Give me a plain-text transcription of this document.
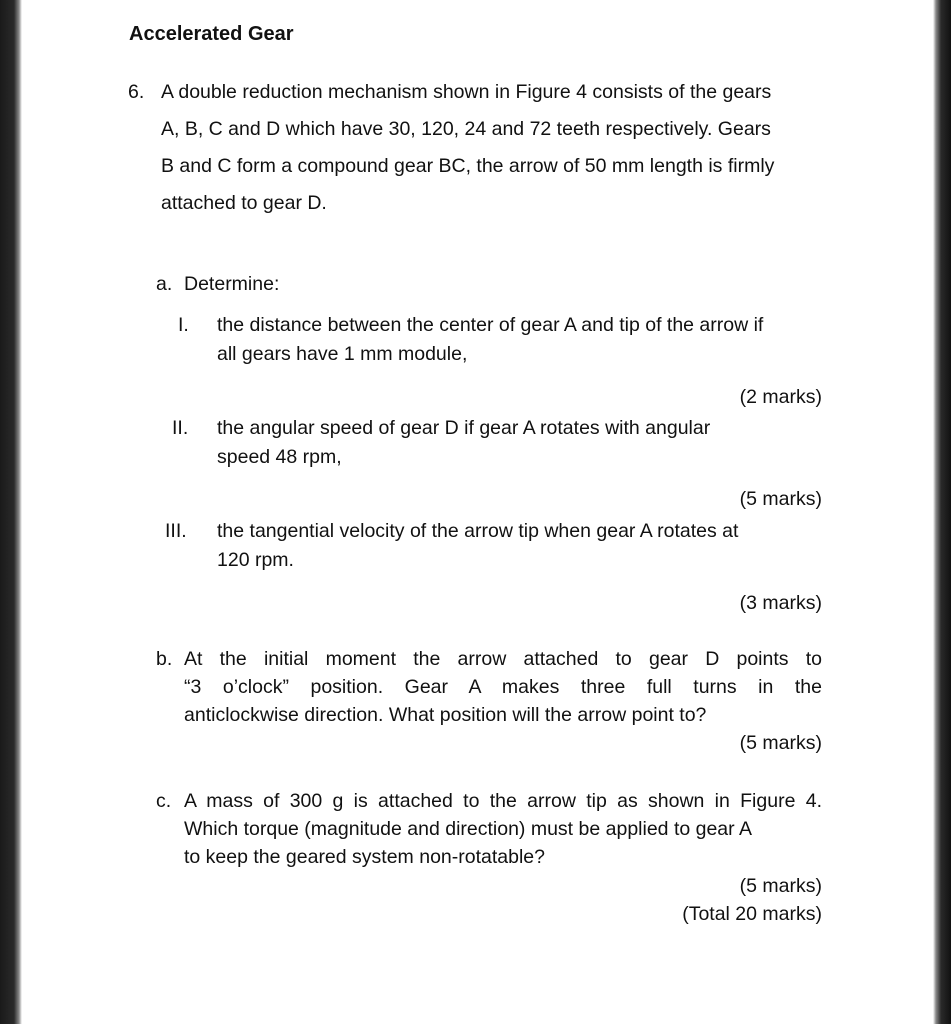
Accelerated Gear
6. A double reduction mechanism shown in Figure 4 consists of the gears
A, B, C and D which have 30, 120, 24 and 72 teeth respectively. Gears
B and C form a compound gear BC, the arrow of 50 mm length is firmly
attached to gear D.
a. Determine:
I. the distance between the center of gear A and tip of the arrow if
all gears have 1 mm module,
(2 marks)
II. the angular speed of gear D if gear A rotates with angular
speed 48 rpm,
(5 marks)
III. the tangential velocity of the arrow tip when gear A rotates at
120 rpm.
(3 marks)
b. At the initial moment the arrow attached to gear D points to
“3 o’clock” position. Gear A makes three full turns in the
anticlockwise direction. What position will the arrow point to?
(5 marks)
c. A mass of 300 g is attached to the arrow tip as shown in Figure 4.
Which torque (magnitude and direction) must be applied to gear A
to keep the geared system non-rotatable?
(5 marks)
(Total 20 marks)
